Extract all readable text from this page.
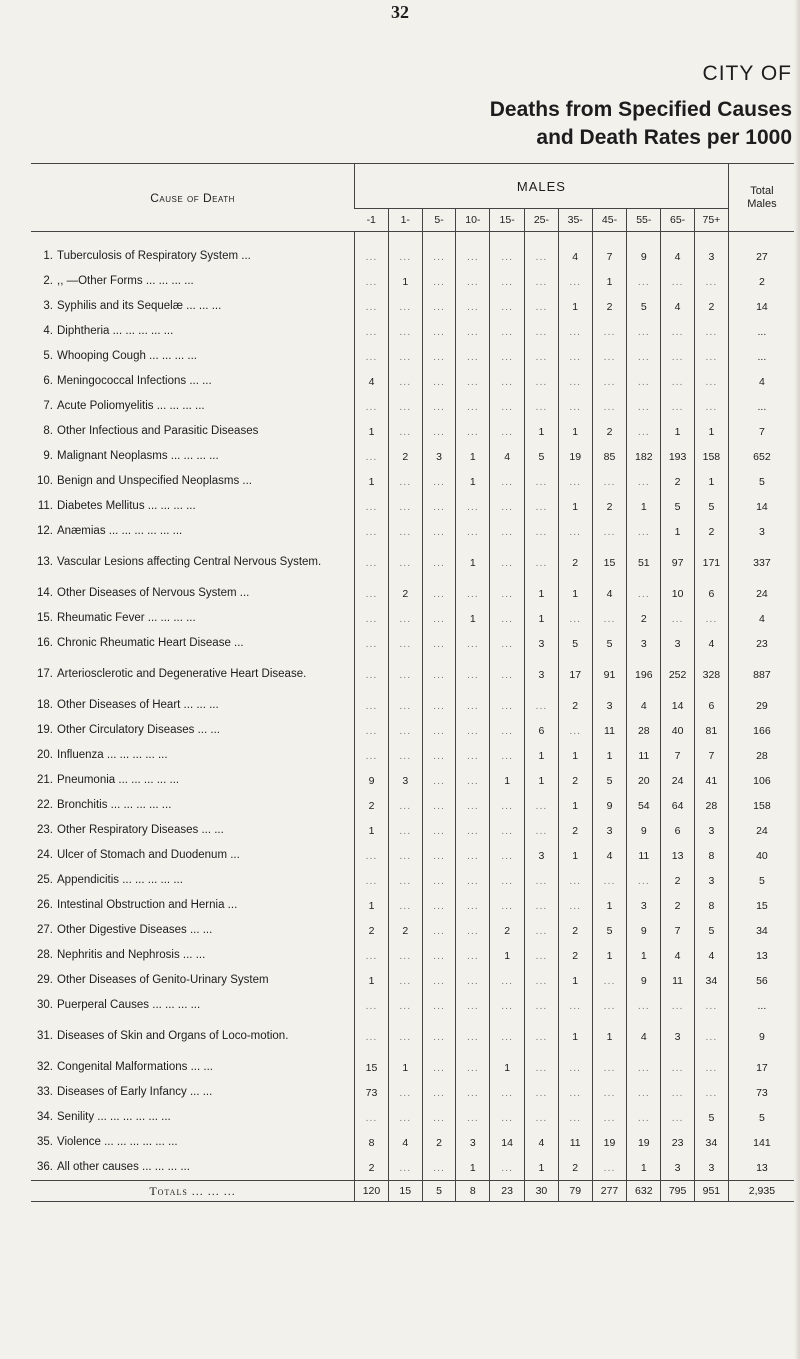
32
CITY OF
Deaths from Specified Causes
and Death Rates per 1000
Cause of Death	MALES											Total
Males
	-1	1-	5-	10-	15-	25-	35-	45-	55-	65-	75+	

1. Tuberculosis of Respiratory System ...	...	...	...	...	...	...	4	7	9	4	3	27
2. ,, —Other Forms ... ... ... ...	...	1	...	...	...	...	...	1	...	...	...	2
3. Syphilis and its Sequelæ ... ... ...	...	...	...	...	...	...	1	2	5	4	2	14
4. Diphtheria ... ... ... ... ...	...	...	...	...	...	...	...	...	...	...	...	...
5. Whooping Cough ... ... ... ...	...	...	...	...	...	...	...	...	...	...	...	...
6. Meningococcal Infections ... ...	4	...	...	...	...	...	...	...	...	...	...	4
7. Acute Poliomyelitis ... ... ... ...	...	...	...	...	...	...	...	...	...	...	...	...
8. Other Infectious and Parasitic Diseases	1	...	...	...	...	1	1	2	...	1	1	7
9. Malignant Neoplasms ... ... ... ...	...	2	3	1	4	5	19	85	182	193	158	652
10. Benign and Unspecified Neoplasms ...	1	...	...	1	...	...	...	...	...	2	1	5
11. Diabetes Mellitus ... ... ... ...	...	...	...	...	...	...	1	2	1	5	5	14
12. Anæmias ... ... ... ... ... ...	...	...	...	...	...	...	...	...	...	1	2	3
13. Vascular Lesions affecting Central Nervous System.	...	...	...	1	...	...	2	15	51	97	171	337
14. Other Diseases of Nervous System ...	...	2	...	...	...	1	1	4	...	10	6	24
15. Rheumatic Fever ... ... ... ...	...	...	...	1	...	1	...	...	2	...	...	4
16. Chronic Rheumatic Heart Disease ...	...	...	...	...	...	3	5	5	3	3	4	23
17. Arteriosclerotic and Degenerative Heart Disease.	...	...	...	...	...	3	17	91	196	252	328	887
18. Other Diseases of Heart ... ... ...	...	...	...	...	...	...	2	3	4	14	6	29
19. Other Circulatory Diseases ... ...	...	...	...	...	...	6	...	11	28	40	81	166
20. Influenza ... ... ... ... ...	...	...	...	...	...	1	1	1	11	7	7	28
21. Pneumonia ... ... ... ... ...	9	3	...	...	1	1	2	5	20	24	41	106
22. Bronchitis ... ... ... ... ...	2	...	...	...	...	...	1	9	54	64	28	158
23. Other Respiratory Diseases ... ...	1	...	...	...	...	...	2	3	9	6	3	24
24. Ulcer of Stomach and Duodenum ...	...	...	...	...	...	3	1	4	11	13	8	40
25. Appendicitis ... ... ... ... ...	...	...	...	...	...	...	...	...	...	2	3	5
26. Intestinal Obstruction and Hernia ...	1	...	...	...	...	...	...	1	3	2	8	15
27. Other Digestive Diseases ... ...	2	2	...	...	2	...	2	5	9	7	5	34
28. Nephritis and Nephrosis ... ...	...	...	...	...	1	...	2	1	1	4	4	13
29. Other Diseases of Genito-Urinary System	1	...	...	...	...	...	1	...	9	11	34	56
30. Puerperal Causes ... ... ... ...	...	...	...	...	...	...	...	...	...	...	...	...
31. Diseases of Skin and Organs of Loco-motion.	...	...	...	...	...	...	1	1	4	3	...	9
32. Congenital Malformations ... ...	15	1	...	...	1	...	...	...	...	...	...	17
33. Diseases of Early Infancy ... ...	73	...	...	...	...	...	...	...	...	...	...	73
34. Senility ... ... ... ... ... ...	...	...	...	...	...	...	...	...	...	...	5	5
35. Violence ... ... ... ... ... ...	8	4	2	3	14	4	11	19	19	23	34	141
36. All other causes ... ... ... ...	2	...	...	1	...	1	2	...	1	3	3	13
Totals ... ... ...	120	15	5	8	23	30	79	277	632	795	951	2,935
